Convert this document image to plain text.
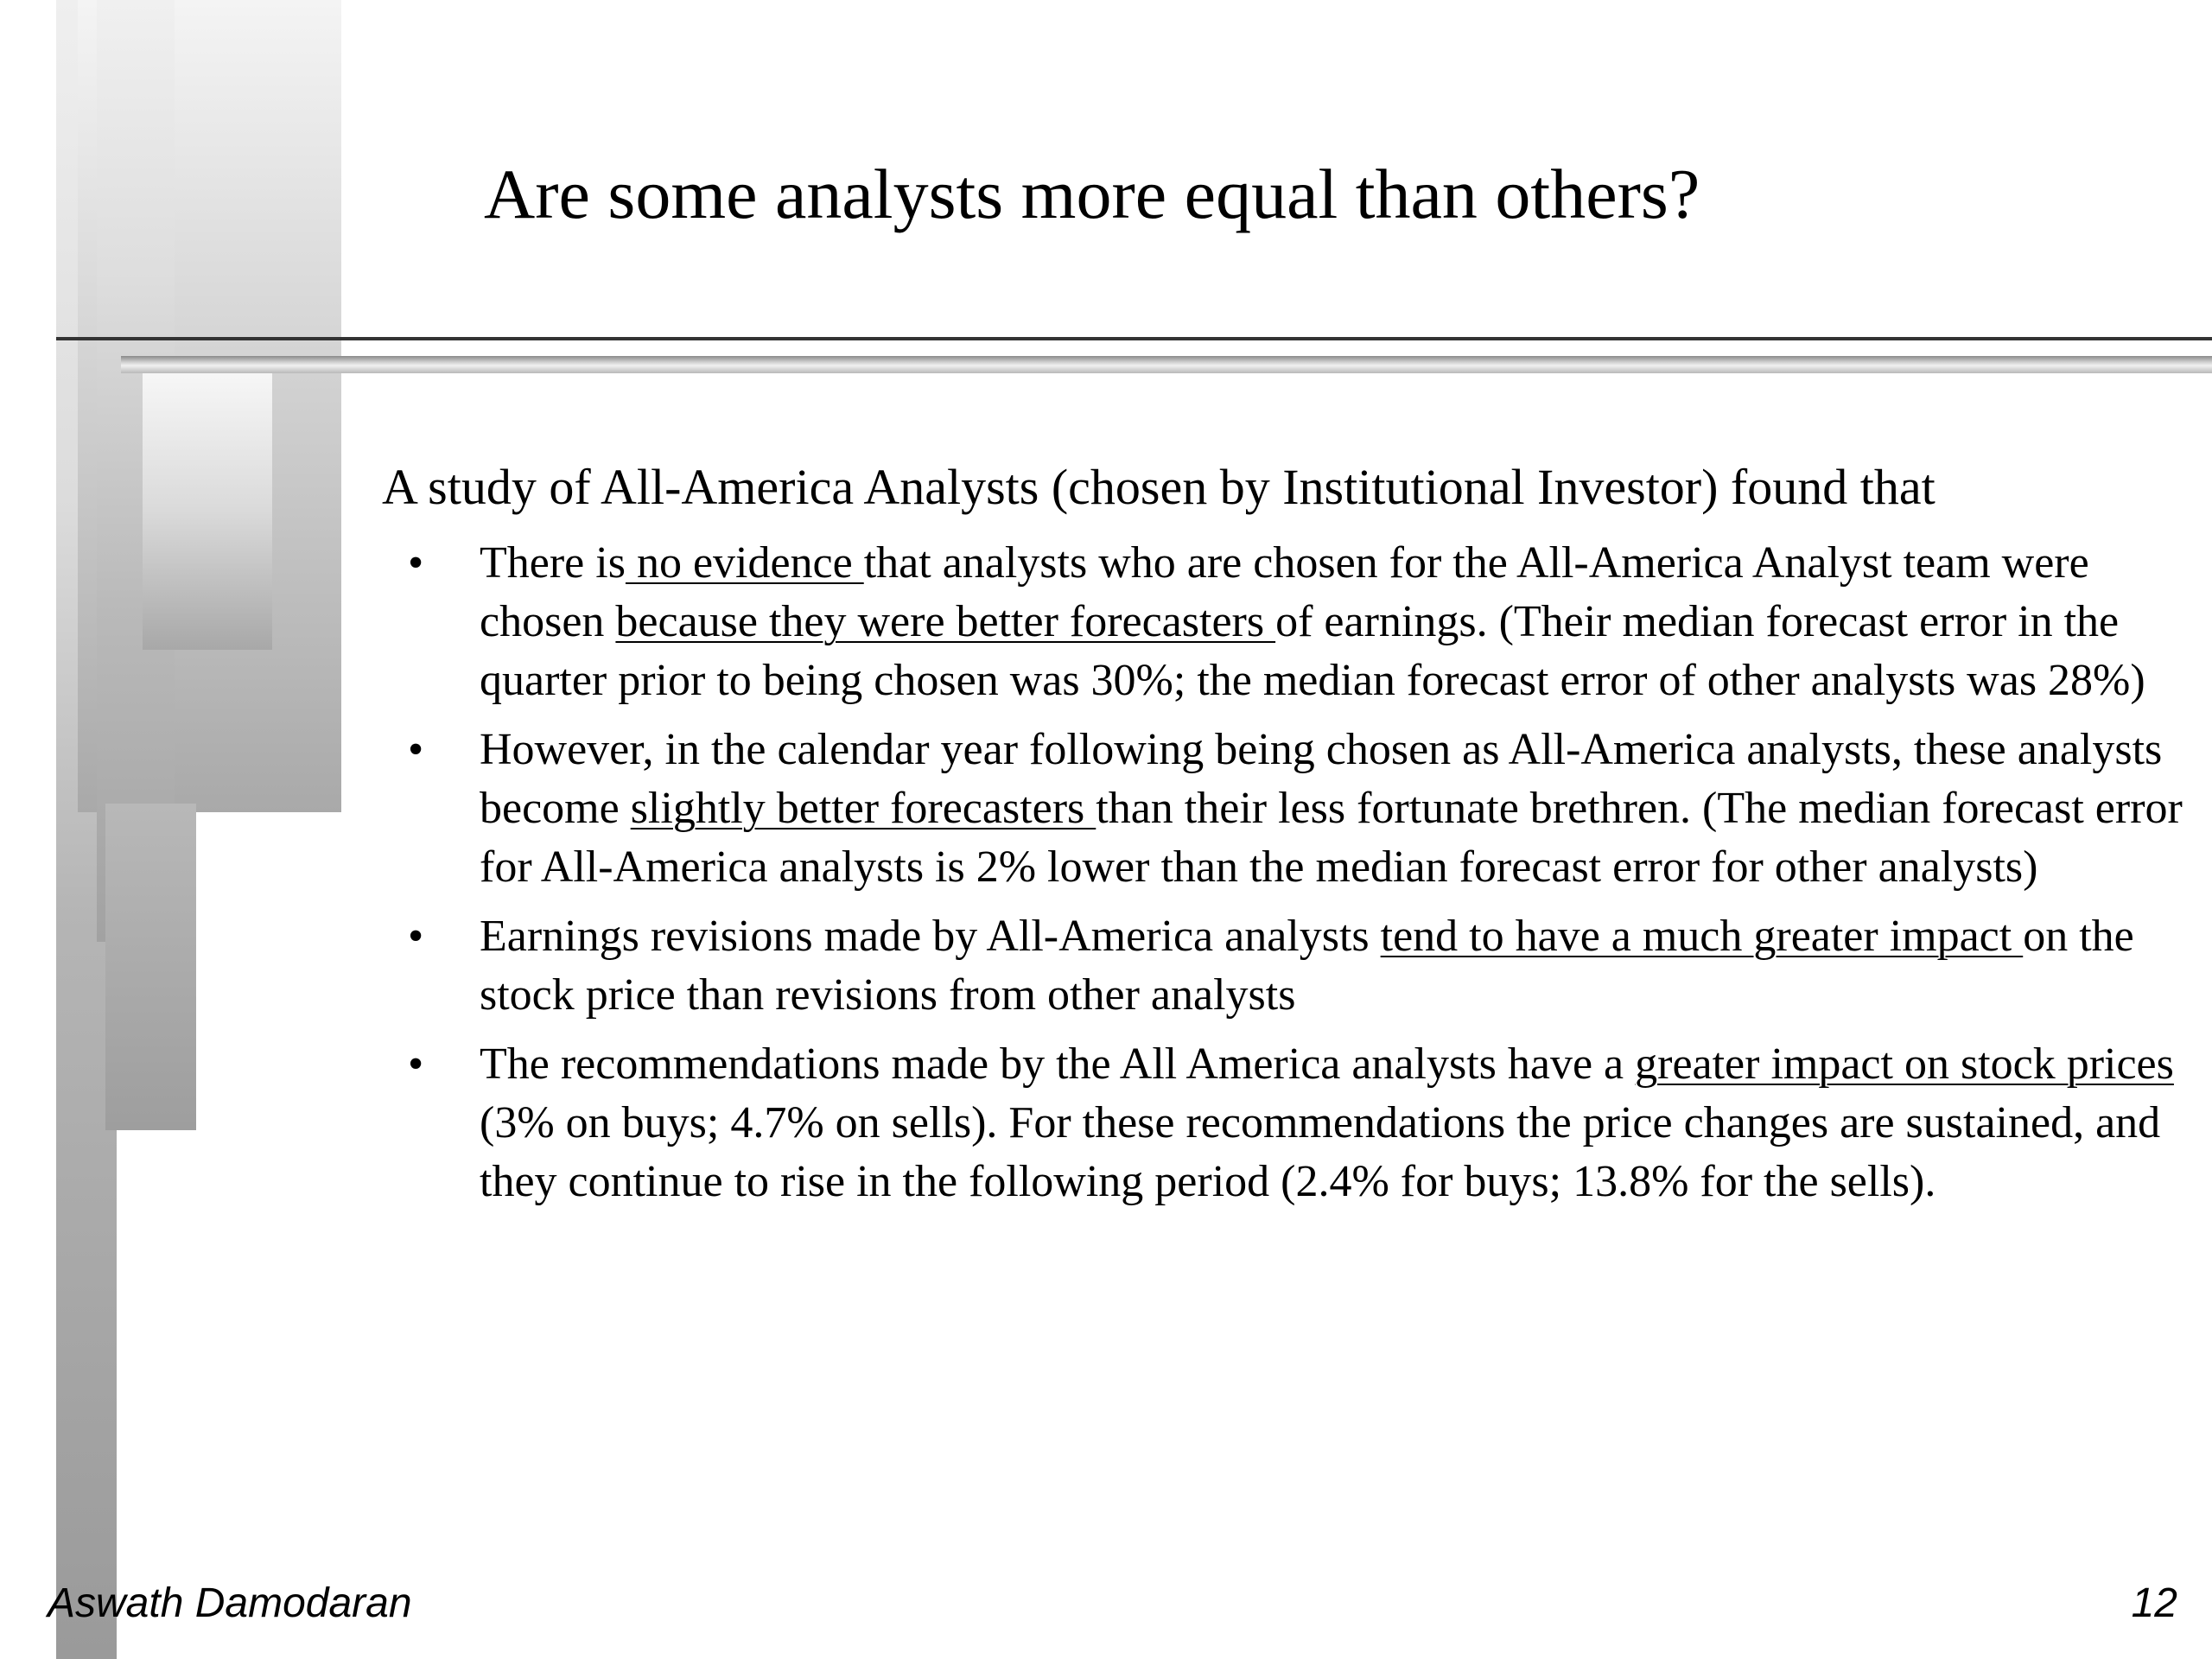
Are some analysts more equal than others?

A study of All-America Analysts (chosen by Institutional Investor) found that

• There is no evidence that analysts who are chosen for the All-America Analyst team were chosen because they were better forecasters of earnings. (Their median forecast error in the quarter prior to being chosen was 30%; the median forecast error of other analysts was 28%)
• However, in the calendar year following being chosen as All-America analysts, these analysts become slightly better forecasters than their less fortunate brethren. (The median forecast error for All-America analysts is 2% lower than the median forecast error for other analysts)
• Earnings revisions made by All-America analysts tend to have a much greater impact on the stock price than revisions from other analysts
• The recommendations made by the All America analysts have a greater impact on stock prices (3% on buys; 4.7% on sells). For these recommendations the price changes are sustained, and they continue to rise in the following period (2.4% for buys; 13.8% for the sells).

Aswath Damodaran	12
